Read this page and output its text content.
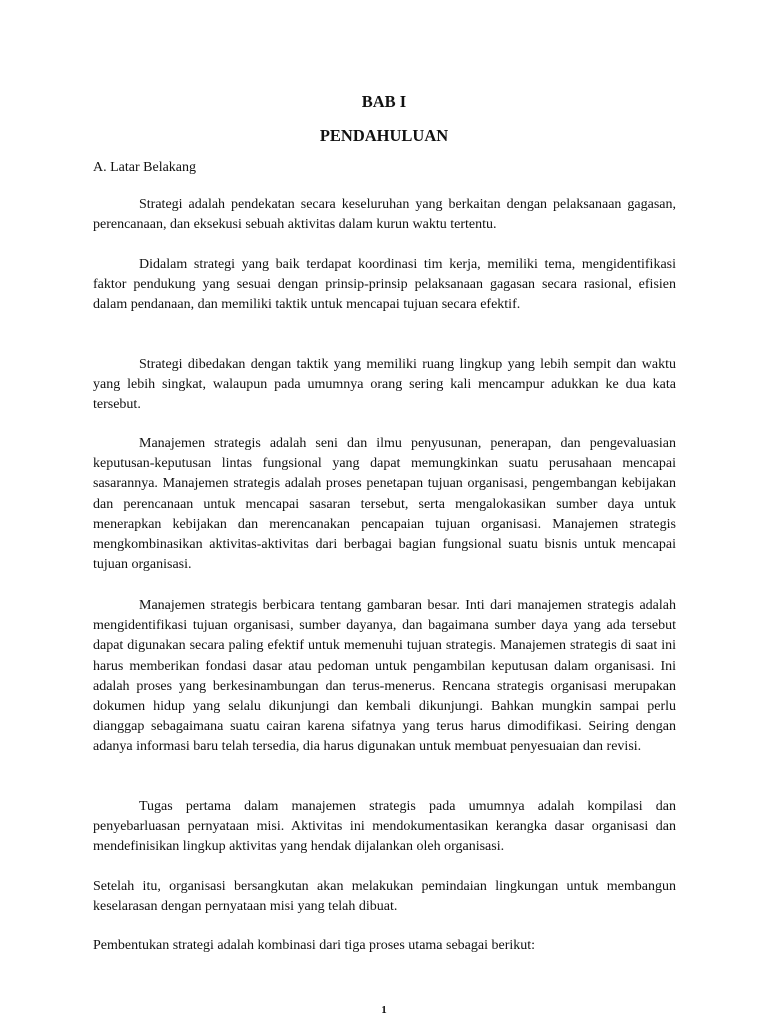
BAB I
PENDAHULUAN

A. Latar Belakang

Strategi adalah pendekatan secara keseluruhan yang berkaitan dengan pelaksanaan gagasan, perencanaan, dan eksekusi sebuah aktivitas dalam kurun waktu tertentu.

Didalam strategi yang baik terdapat koordinasi tim kerja, memiliki tema, mengidentifikasi faktor pendukung yang sesuai dengan prinsip-prinsip pelaksanaan gagasan secara rasional, efisien dalam pendanaan, dan memiliki taktik untuk mencapai tujuan secara efektif.

Strategi dibedakan dengan taktik yang memiliki ruang lingkup yang lebih sempit dan waktu yang lebih singkat, walaupun pada umumnya orang sering kali mencampur adukkan ke dua kata tersebut.

Manajemen strategis adalah seni dan ilmu penyusunan, penerapan, dan pengevaluasian keputusan-keputusan lintas fungsional yang dapat memungkinkan suatu perusahaan mencapai sasarannya. Manajemen strategis adalah proses penetapan tujuan organisasi, pengembangan kebijakan dan perencanaan untuk mencapai sasaran tersebut, serta mengalokasikan sumber daya untuk menerapkan kebijakan dan merencanakan pencapaian tujuan organisasi. Manajemen strategis mengkombinasikan aktivitas-aktivitas dari berbagai bagian fungsional suatu bisnis untuk mencapai tujuan organisasi.

Manajemen strategis berbicara tentang gambaran besar. Inti dari manajemen strategis adalah mengidentifikasi tujuan organisasi, sumber dayanya, dan bagaimana sumber daya yang ada tersebut dapat digunakan secara paling efektif untuk memenuhi tujuan strategis. Manajemen strategis di saat ini harus memberikan fondasi dasar atau pedoman untuk pengambilan keputusan dalam organisasi. Ini adalah proses yang berkesinambungan dan terus-menerus. Rencana strategis organisasi merupakan dokumen hidup yang selalu dikunjungi dan kembali dikunjungi. Bahkan mungkin sampai perlu dianggap sebagaimana suatu cairan karena sifatnya yang terus harus dimodifikasi. Seiring dengan adanya informasi baru telah tersedia, dia harus digunakan untuk membuat penyesuaian dan revisi.

Tugas pertama dalam manajemen strategis pada umumnya adalah kompilasi dan penyebarluasan pernyataan misi. Aktivitas ini mendokumentasikan kerangka dasar organisasi dan mendefinisikan lingkup aktivitas yang hendak dijalankan oleh organisasi.

Setelah itu, organisasi bersangkutan akan melakukan pemindaian lingkungan untuk membangun keselarasan dengan pernyataan misi yang telah dibuat.

Pembentukan strategi adalah kombinasi dari tiga proses utama sebagai berikut:

1
